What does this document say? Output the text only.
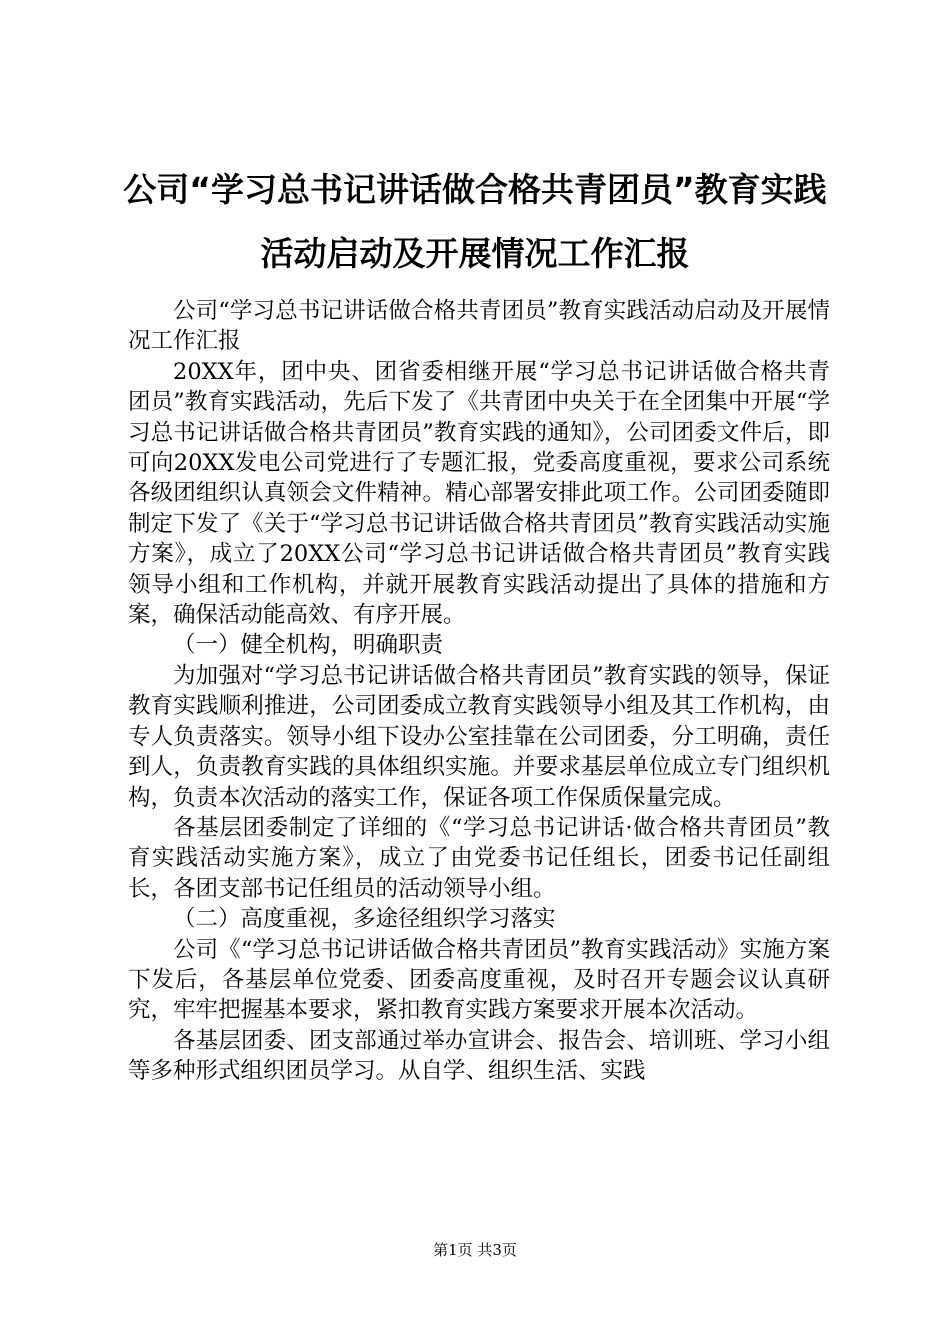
公司“学习总书记讲话做合格共青团员”教育实践活动启动及开展情况工作汇报

公司“学习总书记讲话做合格共青团员”教育实践活动启动及开展情况工作汇报

20XX年，团中央、团省委相继开展“学习总书记讲话做合格共青团员”教育实践活动，先后下发了《共青团中央关于在全团集中开展“学习总书记讲话做合格共青团员”教育实践的通知》，公司团委文件后，即可向20XX发电公司党进行了专题汇报，党委高度重视，要求公司系统各级团组织认真领会文件精神。精心部署安排此项工作。公司团委随即制定下发了《关于“学习总书记讲话做合格共青团员”教育实践活动实施方案》，成立了20XX公司“学习总书记讲话做合格共青团员”教育实践领导小组和工作机构，并就开展教育实践活动提出了具体的措施和方案，确保活动能高效、有序开展。

（一）健全机构，明确职责

为加强对“学习总书记讲话做合格共青团员”教育实践的领导，保证教育实践顺利推进，公司团委成立教育实践领导小组及其工作机构，由专人负责落实。领导小组下设办公室挂靠在公司团委，分工明确，责任到人，负责教育实践的具体组织实施。并要求基层单位成立专门组织机构，负责本次活动的落实工作，保证各项工作保质保量完成。

各基层团委制定了详细的《“学习总书记讲话·做合格共青团员”教育实践活动实施方案》，成立了由党委书记任组长，团委书记任副组长，各团支部书记任组员的活动领导小组。

（二）高度重视，多途径组织学习落实

公司《“学习总书记讲话做合格共青团员”教育实践活动》实施方案下发后，各基层单位党委、团委高度重视，及时召开专题会议认真研究，牢牢把握基本要求，紧扣教育实践方案要求开展本次活动。

各基层团委、团支部通过举办宣讲会、报告会、培训班、学习小组等多种形式组织团员学习。从自学、组织生活、实践

第1页 共3页
